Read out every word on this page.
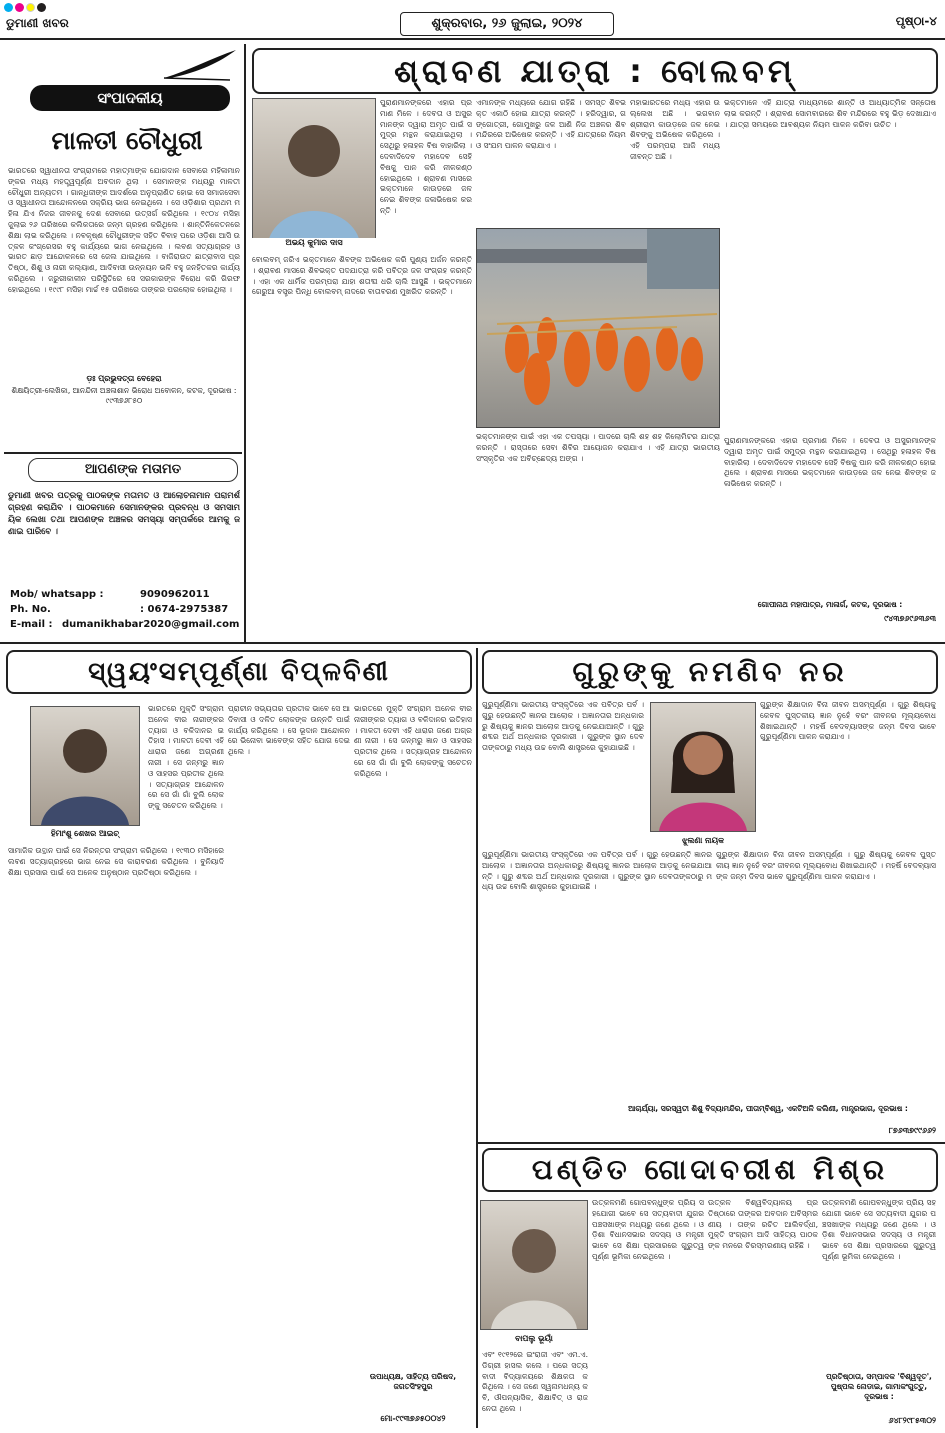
ଡୁମାଣୀ ଖବର	ଶୁକ୍ରବାର, ୨୬ ଜୁଲାଇ, ୨୦୨୪	ପୃଷ୍ଠା-୪
ସଂପାଦକୀୟ
ମାଳତୀ ଚୌଧୁରୀ
ଭାରତରେ ସ୍ୱାଧୀନତା ସଂଗ୍ରାମରେ ମହାତ୍ମାଙ୍କ ଯୋଗଦାନ ସେବାରେ ମହିଳାମାନଙ୍କର ମଧ୍ୟ ମହତ୍ତ୍ୱପୂର୍ଣ୍ଣ ଅବଦାନ ଥିଲା । ସେମାନଙ୍କ ମଧ୍ୟରୁ ମାଳତୀ ଚୌଧୁରୀ ଅନ୍ୟତମ । ଗାନ୍ଧିଜୀଙ୍କ ଆଦର୍ଶରେ ଅନୁପ୍ରାଣିତ ହୋଇ ସେ ସମାଜସେବା ଓ ସ୍ୱାଧୀନତା ଆନ୍ଦୋଳନରେ ସକ୍ରିୟ ଭାଗ ନେଇଥିଲେ । ସେ ଓଡ଼ିଶାର ପ୍ରଥମ ମହିଳା ଯିଏ ନିଜର ଜୀବନକୁ ଦେଶ ସେବାରେ ଉତ୍ସର୍ଗ କରିଥିଲେ । ୧୯୦୪ ମସିହା ଜୁଲାଇ ୨୬ ତାରିଖରେ କଲିକତାରେ ଜନ୍ମ ଗ୍ରହଣ କରିଥିଲେ । ଶାନ୍ତିନିକେତନରେ ଶିକ୍ଷା ଲାଭ କରିଥିଲେ । ନବକୃଷ୍ଣ ଚୌଧୁରୀଙ୍କ ସହିତ ବିବାହ ପରେ ଓଡ଼ିଶା ଆସି ଉତ୍କଳ କଂଗ୍ରେସର ବହୁ କାର୍ଯ୍ୟରେ ଭାଗ ନେଇଥିଲେ । ଲବଣ ସତ୍ୟାଗ୍ରହ ଓ ଭାରତ ଛାଡ଼ ଆନ୍ଦୋଳନରେ ସେ ଜେଲ ଯାଇଥିଲେ । ବାଜିରାଉତ ଛାତ୍ରାବାସ ପ୍ରତିଷ୍ଠା, ଶିଶୁ ଓ ନାରୀ କଲ୍ୟାଣ, ଆଦିବାସୀ ଉନ୍ନୟନ ଭଳି ବହୁ ଜନହିତକର କାର୍ଯ୍ୟ କରିଥିଲେ । ଜରୁରୀକାଳୀନ ପରିସ୍ଥିତିରେ ସେ ସରକାରଙ୍କ ବିରୋଧ କରି ଗିରଫ ହୋଇଥିଲେ । ୧୯୯୮ ମସିହା ମାର୍ଚ୍ଚ ୧୫ ତାରିଖରେ ତାଙ୍କର ପରଲୋକ ହୋଇଥିଲା ।
ଡ଼ଃ ପ୍ରଭୁଦତ୍ତା ବେହେରା
ଶିକ୍ଷୟିତ୍ରୀ-ଲେଖିକା, ଆନନ୍ଦିନୀ ଅଞ୍ଚଳାଶାନ ଭିରୋଧ ଅବୋଳନ, କଟକ, ଦୂରଭାଷ : ୯୯୩୭୬୮୫୦
ଆପଣଙ୍କ ମତାମତ
ଡୁମାଣୀ ଖବର ପତ୍ରକୁ ପାଠକଙ୍କ ମତାମତ ଓ ଆଲୋଚନାମାନ ପରାମର୍ଶ ଗ୍ରହଣ କରାଯିବ । ପାଠକମାନେ ସେମାନଙ୍କର ପ୍ରବନ୍ଧ ଓ ସମସାମୟିକ ଲେଖା ତଥା ଆପଣଙ୍କ ଅଞ୍ଚଳର ସମସ୍ୟା ସମ୍ପର୍କରେ ଆମକୁ ଜଣାଇ ପାରିବେ ।
Mob/ whatsapp :	9090962011
Ph. No.	: 0674-2975387
E-mail : dumanikhabar2020@gmail.com
ଶ୍ରାବଣ ଯାତ୍ରା : ବୋଲବମ୍
ଅଭୟ କୁମାର ଦାସ
ପୁରାଣମାନଙ୍କରେ ଏହାର ପ୍ରମାଣ ମିଳେ । ଦେବତା ଓ ଅସୁରମାନଙ୍କ ଦ୍ୱାରା ଅମୃତ ପାଇଁ ସମୁଦ୍ର ମନ୍ଥନ କରାଯାଇଥିଲା । ସେଥିରୁ ହଳାହଳ ବିଷ ବାହାରିଲା । ଦେବାଦିଦେବ ମହାଦେବ ସେହି ବିଷକୁ ପାନ କରି ନୀଳକଣ୍ଠ ହୋଇଥିଲେ । ଶ୍ରାବଣ ମାସରେ ଭକ୍ତମାନେ କାଉଡ଼ରେ ଜଳ ନେଇ ଶିବଙ୍କ ଜଳାଭିଷେକ କରନ୍ତି ।
ବୋଲବମ୍ ଜରିଏ ଭକ୍ତମାନେ ଶିବଙ୍କ ଅଭିଷେକ କରି ପୁଣ୍ୟ ଅର୍ଜନ କରନ୍ତି । ଶ୍ରାବଣ ମାସରେ ଶିବଭକ୍ତ ପଦଯାତ୍ରା କରି ପବିତ୍ର ଜଳ ସଂଗ୍ରହ କରନ୍ତି । ଏହା ଏକ ଧାର୍ମିକ ପରମ୍ପରା ଯାହା ଶତାବ୍ଦୀ ଧରି ଚାଲି ଆସୁଛି । ଭକ୍ତମାନେ ଗେରୁଆ ବସ୍ତ୍ର ପିନ୍ଧି ବୋଲବମ୍ ନାଦରେ ବାତାବରଣ ମୁଖରିତ କରନ୍ତି ।
ଏମାନଙ୍କ ମଧ୍ୟରେ ଯୋଗ ରହିଛି । ସମସ୍ତ ଶିବଭକ୍ତ ଏକାଠି ହୋଇ ଯାତ୍ରା କରନ୍ତି । ହରିଦ୍ୱାର, ଗଙ୍ଗୋତ୍ରୀ, ଗୋମୁଖରୁ ଜଳ ଆଣି ନିଜ ଅଞ୍ଚଳର ଶିବ ମନ୍ଦିରରେ ଅଭିଷେକ କରନ୍ତି । ଏହି ଯାତ୍ରାରେ ନିୟମ ଓ ସଂଯମ ପାଳନ କରାଯାଏ ।
ମହାଭାରତରେ ମଧ୍ୟ ଏହାର ଉଲ୍ଲେଖ ଅଛି । ଭଗବାନ ଶ୍ରୀରାମ କାଉଡ଼ରେ ଜଳ ନେଇ ଶିବଙ୍କୁ ଅଭିଷେକ କରିଥିଲେ । ଏହି ପରମ୍ପରା ଆଜି ମଧ୍ୟ ଜୀବନ୍ତ ଅଛି ।
ଭକ୍ତମାନେ ଏହି ଯାତ୍ରା ମାଧ୍ୟମରେ ଶାନ୍ତି ଓ ଆଧ୍ୟାତ୍ମିକ ସନ୍ତୋଷ ଲାଭ କରନ୍ତି । ଶ୍ରାବଣ ସୋମବାରରେ ଶିବ ମନ୍ଦିରରେ ବହୁ ଭିଡ଼ ଦେଖାଯାଏ । ଯାତ୍ରା ସମୟରେ ଆବଶ୍ୟକ ନିୟମ ପାଳନ କରିବା ଉଚିତ ।
ଭକ୍ତମାନଙ୍କ ପାଇଁ ଏହା ଏକ ତପସ୍ୟା । ପାଦରେ ଚାଲି ଶହ ଶହ କିଲୋମିଟର ଯାତ୍ରା କରନ୍ତି । ରାସ୍ତାରେ ସେବା ଶିବିର ଆୟୋଜନ କରାଯାଏ । ଏହି ଯାତ୍ରା ଭାରତୀୟ ସଂସ୍କୃତିର ଏକ ଅବିଚ୍ଛେଦ୍ୟ ଅଙ୍ଗ ।
ପୁରାଣମାନଙ୍କରେ ଏହାର ପ୍ରମାଣ ମିଳେ । ଦେବତା ଓ ଅସୁରମାନଙ୍କ ଦ୍ୱାରା ଅମୃତ ପାଇଁ ସମୁଦ୍ର ମନ୍ଥନ କରାଯାଇଥିଲା । ସେଥିରୁ ହଳାହଳ ବିଷ ବାହାରିଲା । ଦେବାଦିଦେବ ମହାଦେବ ସେହି ବିଷକୁ ପାନ କରି ନୀଳକଣ୍ଠ ହୋଇଥିଲେ । ଶ୍ରାବଣ ମାସରେ ଭକ୍ତମାନେ କାଉଡ଼ରେ ଜଳ ନେଇ ଶିବଙ୍କ ଜଳାଭିଷେକ କରନ୍ତି ।
ଗୋପୀନାଥ ମହାପାତ୍ର, ମାଳାର୍ଗ, କଟକ, ଦୂରଭାଷ :
୯୪୩୭୬୯୬୩୬୩
ସ୍ୱୟଂସମ୍ପୂର୍ଣ୍ଣା ବିପ୍ଳବିଣୀ
ହିମାଂଶୁ ଶେଖର ଆଇଚ୍
ଭାରତରେ ମୁକ୍ତି ସଂଗ୍ରାମ ଅନେକ ବୀର ନାରୀଙ୍କର ତ୍ୟାଗ ଓ ବଳିଦାନର ଇତିହାସ । ମାଳତୀ ଦେବୀ ଏହି ଧାରାର ଜଣେ ଅଗ୍ରଣୀ ନାରୀ । ସେ ଜନ୍ମରୁ ଜ୍ଞାନ ଓ ସାହସର ପ୍ରତୀକ ଥିଲେ । ସତ୍ୟାଗ୍ରହ ଆନ୍ଦୋଳନରେ ସେ ଗାଁ ଗାଁ ବୁଲି ଲୋକଙ୍କୁ ସଚେତନ କରିଥିଲେ ।
ସାମାଜିକ ଉତ୍ଥାନ ପାଇଁ ସେ ନିରନ୍ତର ସଂଗ୍ରାମ କରିଥିଲେ । ୧୯୩୦ ମସିହାରେ ଲବଣ ସତ୍ୟାଗ୍ରହରେ ଭାଗ ନେଇ ସେ କାରାବରଣ କରିଥିଲେ । ବୁନିୟାଦି ଶିକ୍ଷା ପ୍ରସାର ପାଇଁ ସେ ଅନେକ ଅନୁଷ୍ଠାନ ପ୍ରତିଷ୍ଠା କରିଥିଲେ ।
ପ୍ରାଚୀନ ସଭ୍ୟତାର ପ୍ରତୀକ ଭାବେ ସେ ଆଦିବାସୀ ଓ ଦଳିତ ଲୋକଙ୍କ ଉନ୍ନତି ପାଇଁ କାର୍ଯ୍ୟ କରିଥିଲେ । ସେ ଭୂଦାନ ଆନ୍ଦୋଳନରେ ଭିନୋବା ଭାବେଙ୍କ ସହିତ ଯୋଗ ଦେଇଥିଲେ ।
ଭାରତରେ ମୁକ୍ତି ସଂଗ୍ରାମ ଅନେକ ବୀର ନାରୀଙ୍କର ତ୍ୟାଗ ଓ ବଳିଦାନର ଇତିହାସ । ମାଳତୀ ଦେବୀ ଏହି ଧାରାର ଜଣେ ଅଗ୍ରଣୀ ନାରୀ । ସେ ଜନ୍ମରୁ ଜ୍ଞାନ ଓ ସାହସର ପ୍ରତୀକ ଥିଲେ । ସତ୍ୟାଗ୍ରହ ଆନ୍ଦୋଳନରେ ସେ ଗାଁ ଗାଁ ବୁଲି ଲୋକଙ୍କୁ ସଚେତନ କରିଥିଲେ ।
ଉପାଧ୍ୟକ୍ଷ, ସାହିତ୍ୟ ପରିଷଦ, ଜଗତସିଂହପୁର
ମୋ-୯୯୩୭୬୫୦୦୪୨
ଗୁରୁଙ୍କୁ ନମଣିବ ନର
ଗୁରୁପୂର୍ଣ୍ଣିମା ଭାରତୀୟ ସଂସ୍କୃତିରେ ଏକ ପବିତ୍ର ପର୍ବ । ଗୁରୁ ହେଉଛନ୍ତି ଜ୍ଞାନର ଆଲୋକ । ଅଜ୍ଞାନତାର ଅନ୍ଧକାରରୁ ଶିଷ୍ୟକୁ ଜ୍ଞାନର ଆଲୋକ ଆଡ଼କୁ ନେଇଯାଆନ୍ତି । ଗୁରୁ ଶବ୍ଦର ଅର୍ଥ ଅନ୍ଧକାର ଦୂରକାରୀ । ଗୁରୁଙ୍କ ସ୍ଥାନ ଦେବତାଙ୍କଠାରୁ ମଧ୍ୟ ଉଚ୍ଚ ବୋଲି ଶାସ୍ତ୍ରରେ କୁହାଯାଇଛି ।
ଝୁଲଣା ନାୟକ
ଗୁରୁଙ୍କ ଶିକ୍ଷାଦାନ ବିନା ଜୀବନ ଅସମ୍ପୂର୍ଣ୍ଣ । ଗୁରୁ ଶିଷ୍ୟକୁ କେବଳ ପୁସ୍ତକୀୟ ଜ୍ଞାନ ନୁହେଁ ବରଂ ଜୀବନର ମୂଲ୍ୟବୋଧ ଶିଖାଇଥାନ୍ତି । ମହର୍ଷି ବେଦବ୍ୟାସଙ୍କ ଜନ୍ମ ଦିବସ ଭାବେ ଗୁରୁପୂର୍ଣ୍ଣିମା ପାଳନ କରାଯାଏ ।
ଗୁରୁପୂର୍ଣ୍ଣିମା ଭାରତୀୟ ସଂସ୍କୃତିରେ ଏକ ପବିତ୍ର ପର୍ବ । ଗୁରୁ ହେଉଛନ୍ତି ଜ୍ଞାନର ଆଲୋକ । ଅଜ୍ଞାନତାର ଅନ୍ଧକାରରୁ ଶିଷ୍ୟକୁ ଜ୍ଞାନର ଆଲୋକ ଆଡ଼କୁ ନେଇଯାଆନ୍ତି । ଗୁରୁ ଶବ୍ଦର ଅର୍ଥ ଅନ୍ଧକାର ଦୂରକାରୀ । ଗୁରୁଙ୍କ ସ୍ଥାନ ଦେବତାଙ୍କଠାରୁ ମଧ୍ୟ ଉଚ୍ଚ ବୋଲି ଶାସ୍ତ୍ରରେ କୁହାଯାଇଛି ।
ଗୁରୁଙ୍କ ଶିକ୍ଷାଦାନ ବିନା ଜୀବନ ଅସମ୍ପୂର୍ଣ୍ଣ । ଗୁରୁ ଶିଷ୍ୟକୁ କେବଳ ପୁସ୍ତକୀୟ ଜ୍ଞାନ ନୁହେଁ ବରଂ ଜୀବନର ମୂଲ୍ୟବୋଧ ଶିଖାଇଥାନ୍ତି । ମହର୍ଷି ବେଦବ୍ୟାସଙ୍କ ଜନ୍ମ ଦିବସ ଭାବେ ଗୁରୁପୂର୍ଣ୍ଣିମା ପାଳନ କରାଯାଏ ।
ଆଚାର୍ଯ୍ୟା, ସରସ୍ୱତୀ ଶିଶୁ ବିଦ୍ୟାମନ୍ଦିର, ପୀତାମ୍ବିଶ୍ୱ, ଏକଟିଅଳି କଲିଣୀ, ମାନ୍ତ୍ରଭାଗ, ଦୂରଭାଷ :
୮୭୬୩୭୯୯୬୬୨
ପଣ୍ଡିତ ଗୋଦାବରୀଶ ମିଶ୍ର
ବାପଲୁ ଭୂୟାଁ
ଏବଂ ୧୯୧୨ରେ ଇଂରାଜୀ ଏବଂ ଏମ.ଏ. ଡିଗ୍ରୀ ହାସଲ କଲେ । ପରେ ସତ୍ୟବାଦୀ ବିଦ୍ୟାଳୟରେ ଶିକ୍ଷକତା କରିଥିଲେ । ସେ ଜଣେ ସ୍ୱନାମଧନ୍ୟ କବି, ଔପନ୍ୟାସିକ, ଶିକ୍ଷାବିତ୍ ଓ ରାଜନେତା ଥିଲେ ।
ଉତ୍କଳମଣି ଗୋପବନ୍ଧୁଙ୍କ ପ୍ରିୟ ସହଯୋଗୀ ଭାବେ ସେ ସତ୍ୟବାଦୀ ଯୁଗର ପଞ୍ଚସଖାଙ୍କ ମଧ୍ୟରୁ ଜଣେ ଥିଲେ । ଓଡ଼ିଶା ବିଧାନସଭାର ସଦସ୍ୟ ଓ ମନ୍ତ୍ରୀ ଭାବେ ସେ ଶିକ୍ଷା ପ୍ରସାରରେ ଗୁରୁତ୍ୱପୂର୍ଣ୍ଣ ଭୂମିକା ନେଇଥିଲେ ।
ଉତ୍କଳ ବିଶ୍ୱବିଦ୍ୟାଳୟ ପ୍ରତିଷ୍ଠାରେ ତାଙ୍କର ଅବଦାନ ଅବିସ୍ମରଣୀୟ । ତାଙ୍କ ରଚିତ ଆଲିବର୍ଦ୍ଧୀ, ମୁକ୍ତି ସଂଗ୍ରାମ ଆଦି ସାହିତ୍ୟ ପାଠକଙ୍କ ମନରେ ଚିରସ୍ମରଣୀୟ ରହିଛି ।
ଉତ୍କଳମଣି ଗୋପବନ୍ଧୁଙ୍କ ପ୍ରିୟ ସହଯୋଗୀ ଭାବେ ସେ ସତ୍ୟବାଦୀ ଯୁଗର ପଞ୍ଚସଖାଙ୍କ ମଧ୍ୟରୁ ଜଣେ ଥିଲେ । ଓଡ଼ିଶା ବିଧାନସଭାର ସଦସ୍ୟ ଓ ମନ୍ତ୍ରୀ ଭାବେ ସେ ଶିକ୍ଷା ପ୍ରସାରରେ ଗୁରୁତ୍ୱପୂର୍ଣ୍ଣ ଭୂମିକା ନେଇଥିଲେ ।
ପ୍ରତିଷ୍ଠାତା, ସମ୍ପାଦକ 'ବିଶ୍ୱଦୂତ', ପୁଷ୍ପଲ ନୋଡାଇ, ଗାମାକଂଗୁତ୍ତୁ, ଦୂରଭାଷ :
୬୪୮୨୯୮୫୩୦୨
